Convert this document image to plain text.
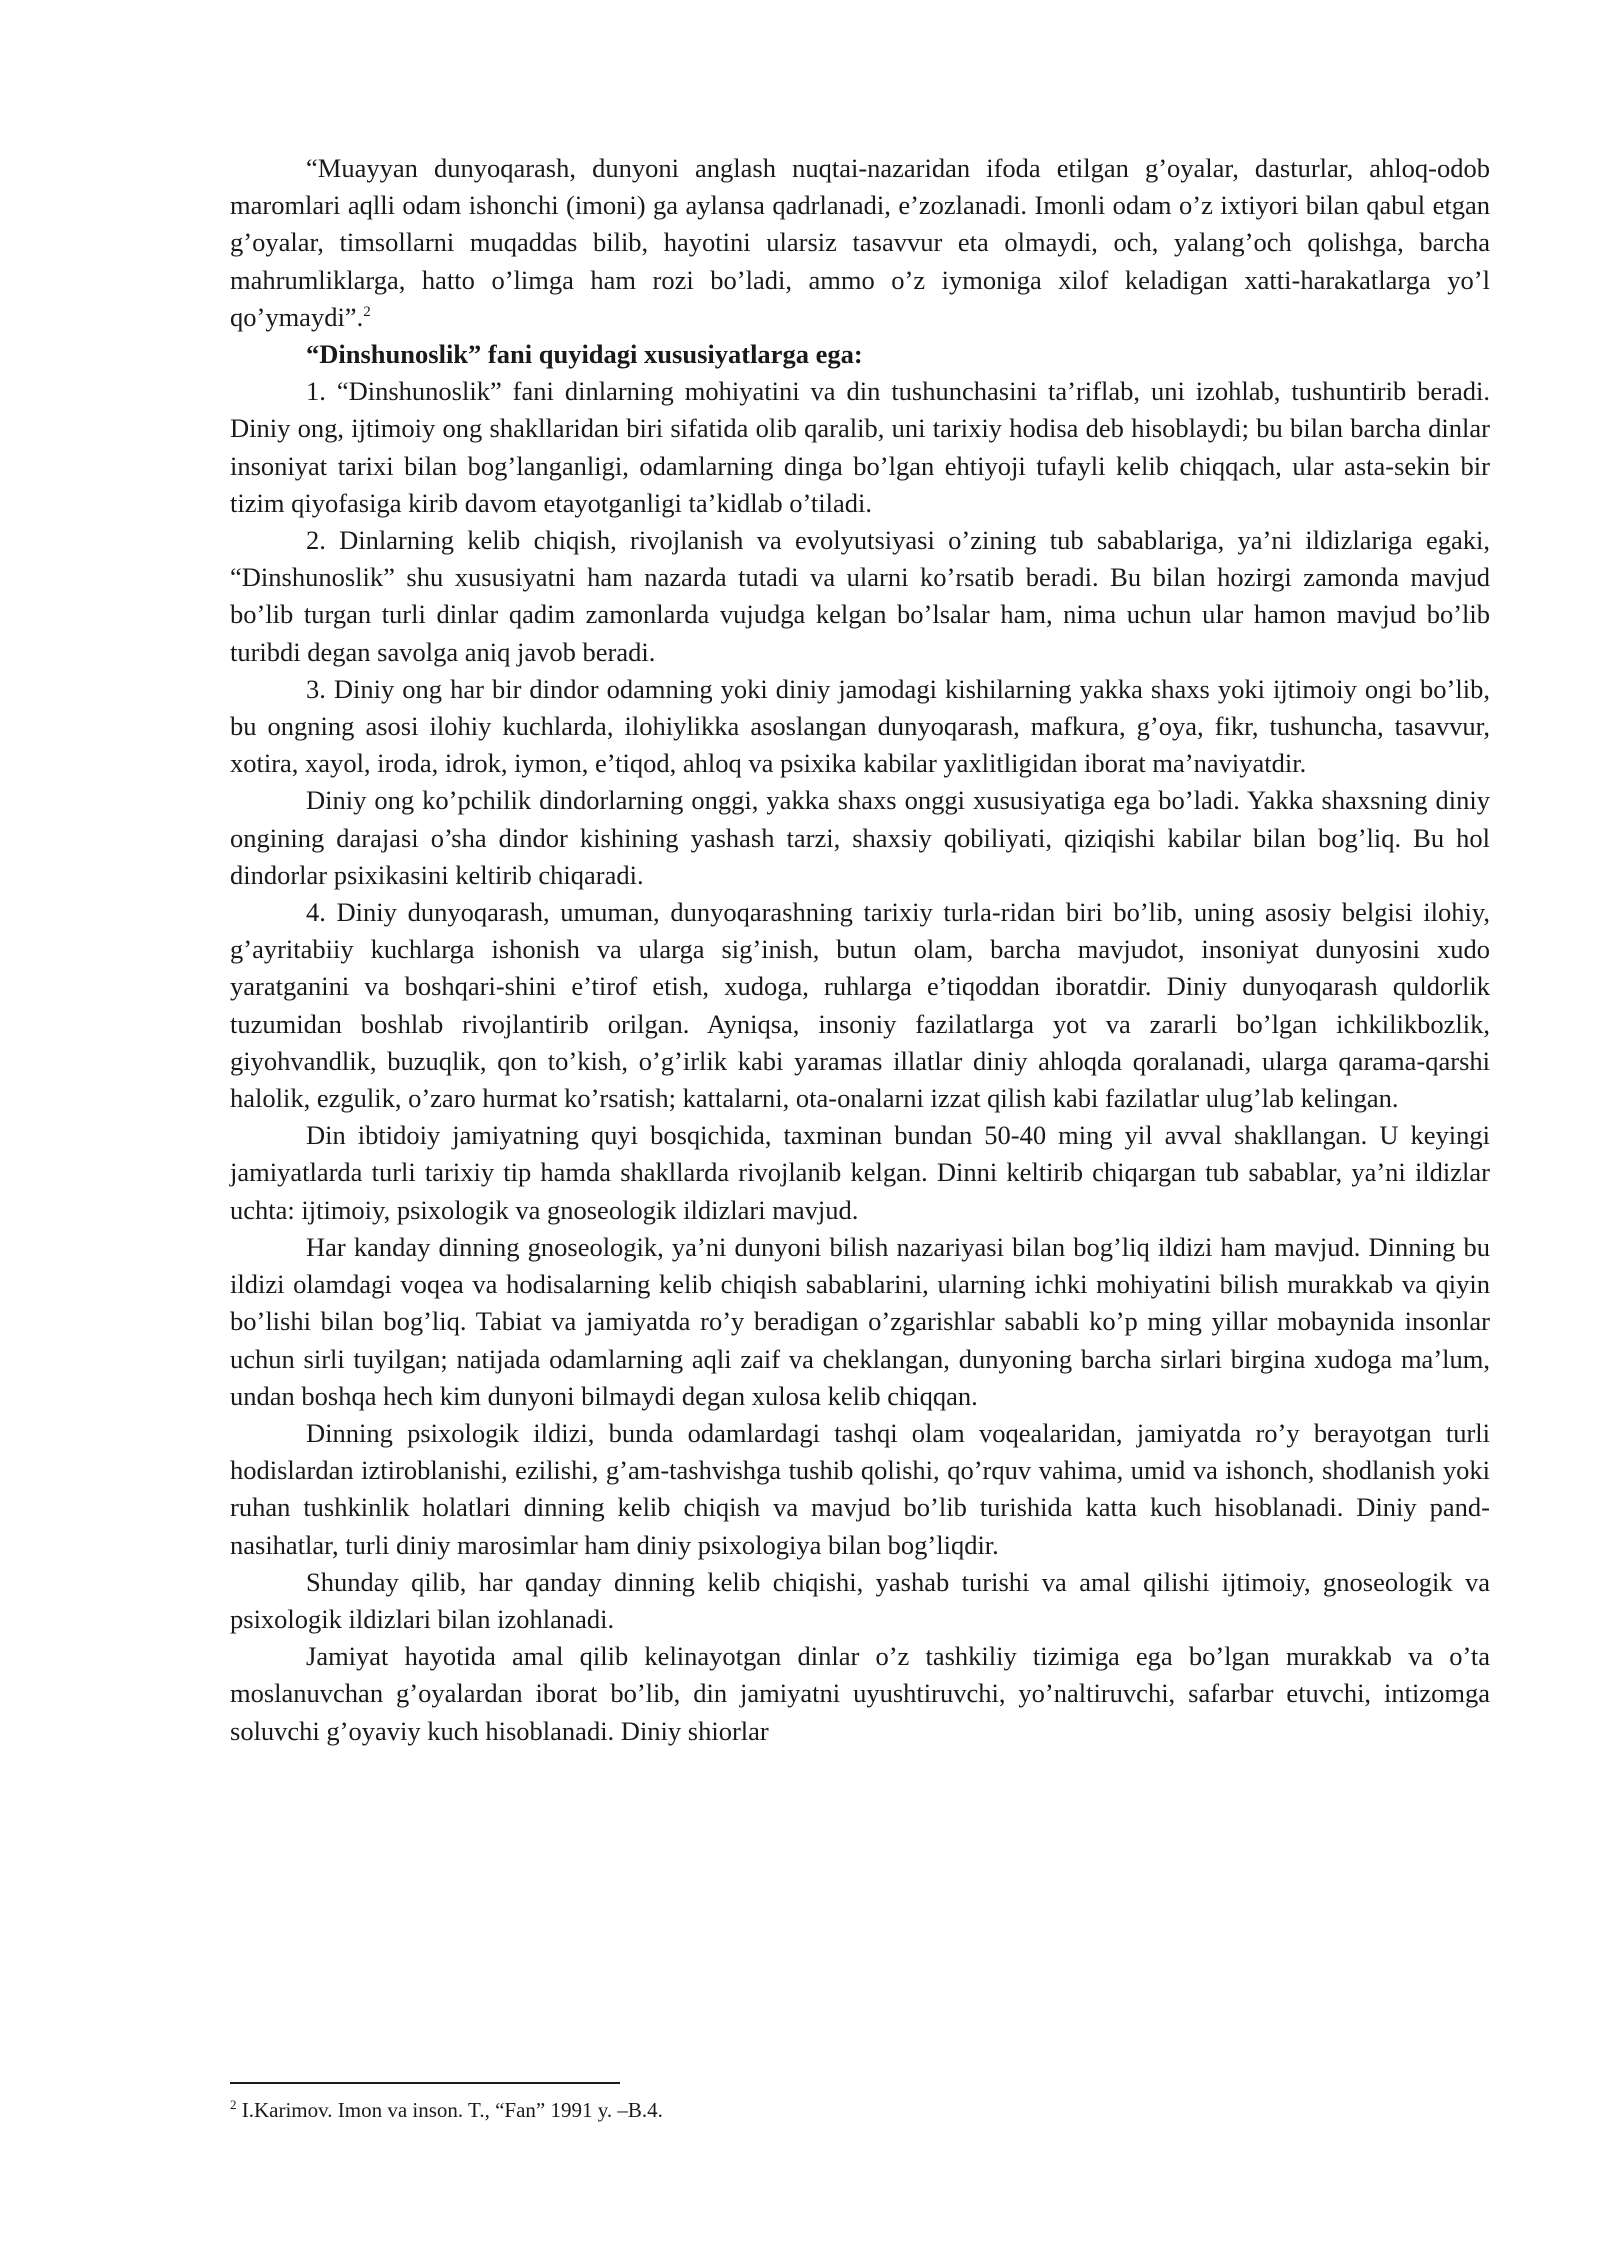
“Muayyan dunyoqarash, dunyoni anglash nuqtai-nazaridan ifoda etilgan g’oyalar, dasturlar, ahloq-odob maromlari aqlli odam ishonchi (imoni) ga aylansa qadrlanadi, e’zozlanadi. Imonli odam o’z ixtiyori bilan qabul etgan g’oyalar, timsollarni muqaddas bilib, hayotini ularsiz tasavvur eta olmaydi, och, yalang’och qolishga, barcha mahrumliklarga, hatto o’limga ham rozi bo’ladi, ammo o’z iymoniga xilof keladigan xatti-harakatlarga yo’l qo’ymaydi”.$^2$

“Dinshunoslik” fani quyidagi xususiyatlarga ega:

1. “Dinshunoslik” fani dinlarning mohiyatini va din tushunchasini ta’riflab, uni izohlab, tushuntirib beradi. Diniy ong, ijtimoiy ong shakllaridan biri sifatida olib qaralib, uni tarixiy hodisa deb hisoblaydi; bu bilan barcha dinlar insoniyat tarixi bilan bog’langanligi, odamlarning dinga bo’lgan ehtiyoji tufayli kelib chiqqach, ular asta-sekin bir tizim qiyofasiga kirib davom etayotganligi ta’kidlab o’tiladi.

2. Dinlarning kelib chiqish, rivojlanish va evolyutsiyasi o’zining tub sabablariga, ya’ni ildizlariga egaki, “Dinshunoslik” shu xususiyatni ham nazarda tutadi va ularni ko’rsatib beradi. Bu bilan hozirgi zamonda mavjud bo’lib turgan turli dinlar qadim zamonlarda vujudga kelgan bo’lsalar ham, nima uchun ular hamon mavjud bo’lib turibdi degan savolga aniq javob beradi.

3. Diniy ong har bir dindor odamning yoki diniy jamodagi kishilarning yakka shaxs yoki ijtimoiy ongi bo’lib, bu ongning asosi ilohiy kuchlarda, ilohiylikka asoslangan dunyoqarash, mafkura, g’oya, fikr, tushuncha, tasavvur, xotira, xayol, iroda, idrok, iymon, e’tiqod, ahloq va psixika kabilar yaxlitligidan iborat ma’naviyatdir.

Diniy ong ko’pchilik dindorlarning onggi, yakka shaxs onggi xususiyatiga ega bo’ladi. Yakka shaxsning diniy ongining darajasi o’sha dindor kishining yashash tarzi, shaxsiy qobiliyati, qiziqishi kabilar bilan bog’liq. Bu hol dindorlar psixikasini keltirib chiqaradi.

4. Diniy dunyoqarash, umuman, dunyoqarashning tarixiy turla-ridan biri bo’lib, uning asosiy belgisi ilohiy, g’ayritabiiy kuchlarga ishonish va ularga sig’inish, butun olam, barcha mavjudot, insoniyat dunyosini xudo yaratganini va boshqari-shini e’tirof etish, xudoga, ruhlarga e’tiqoddan iboratdir. Diniy dunyoqarash quldorlik tuzumidan boshlab rivojlantirib orilgan. Ayniqsa, insoniy fazilatlarga yot va zararli bo’lgan ichkilikbozlik, giyohvandlik, buzuqlik, qon to’kish, o’g’irlik kabi yaramas illatlar diniy ahloqda qoralanadi, ularga qarama-qarshi halolik, ezgulik, o’zaro hurmat ko’rsatish; kattalarni, ota-onalarni izzat qilish kabi fazilatlar ulug’lab kelingan.

Din ibtidoiy jamiyatning quyi bosqichida, taxminan bundan 50-40 ming yil avval shakllangan. U keyingi jamiyatlarda turli tarixiy tip hamda shakllarda rivojlanib kelgan. Dinni keltirib chiqargan tub sabablar, ya’ni ildizlar uchta: ijtimoiy, psixologik va gnoseologik ildizlari mavjud.

Har kanday dinning gnoseologik, ya’ni dunyoni bilish nazariyasi bilan bog’liq ildizi ham mavjud. Dinning bu ildizi olamdagi voqea va hodisalarning kelib chiqish sabablarini, ularning ichki mohiyatini bilish murakkab va qiyin bo’lishi bilan bog’liq. Tabiat va jamiyatda ro’y beradigan o’zgarishlar sababli ko’p ming yillar mobaynida insonlar uchun sirli tuyilgan; natijada odamlarning aqli zaif va cheklangan, dunyoning barcha sirlari birgina xudoga ma’lum, undan boshqa hech kim dunyoni bilmaydi degan xulosa kelib chiqqan.

Dinning psixologik ildizi, bunda odamlardagi tashqi olam voqealaridan, jamiyatda ro’y berayotgan turli hodislardan iztiroblanishi, ezilishi, g’am-tashvishga tushib qolishi, qo’rquv vahima, umid va ishonch, shodlanish yoki ruhan tushkinlik holatlari dinning kelib chiqish va mavjud bo’lib turishida katta kuch hisoblanadi. Diniy pand-nasihatlar, turli diniy marosimlar ham diniy psixologiya bilan bog’liqdir.

Shunday qilib, har qanday dinning kelib chiqishi, yashab turishi va amal qilishi ijtimoiy, gnoseologik va psixologik ildizlari bilan izohlanadi.

Jamiyat hayotida amal qilib kelinayotgan dinlar o’z tashkiliy tizimiga ega bo’lgan murakkab va o’ta moslanuvchan g’oyalardan iborat bo’lib, din jamiyatni uyushtiruvchi, yo’naltiruvchi, safarbar etuvchi, intizomga soluvchi g’oyaviy kuch hisoblanadi. Diniy shiorlar

$^2$ I.Karimov. Imon va inson. T., “Fan” 1991 y. –B.4.
